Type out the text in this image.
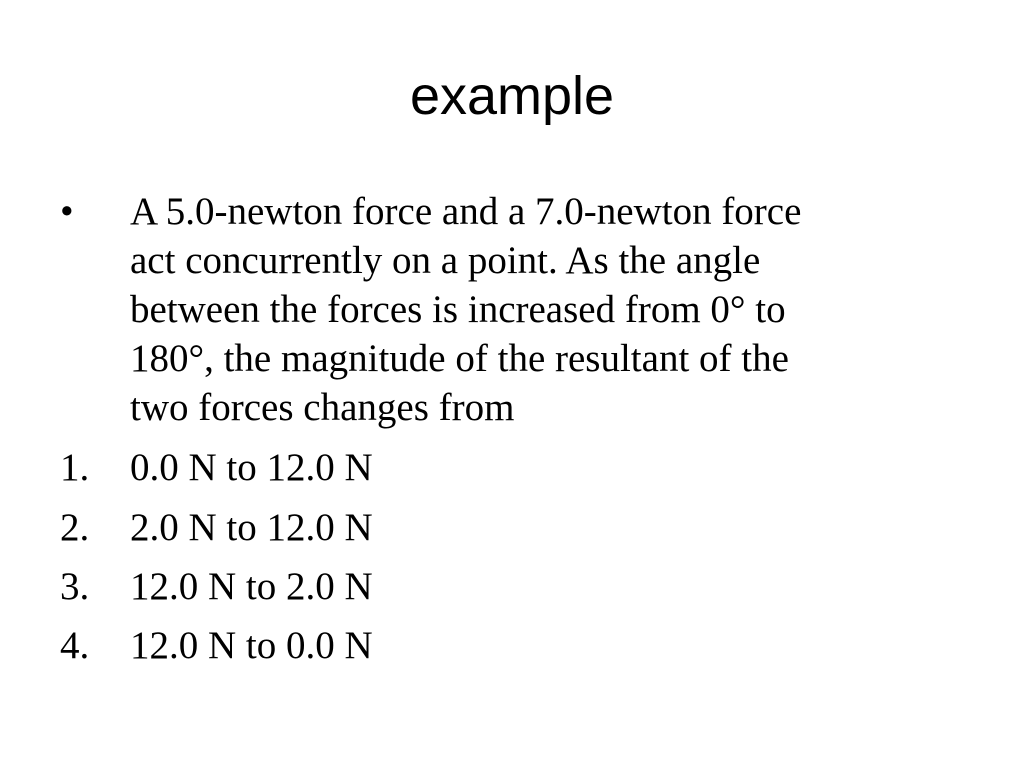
example
• A 5.0-newton force and a 7.0-newton force
act concurrently on a point. As the angle
between the forces is increased from 0° to
180°, the magnitude of the resultant of the
two forces changes from
1. 0.0 N to 12.0 N
2. 2.0 N to 12.0 N
3. 12.0 N to 2.0 N
4. 12.0 N to 0.0 N
